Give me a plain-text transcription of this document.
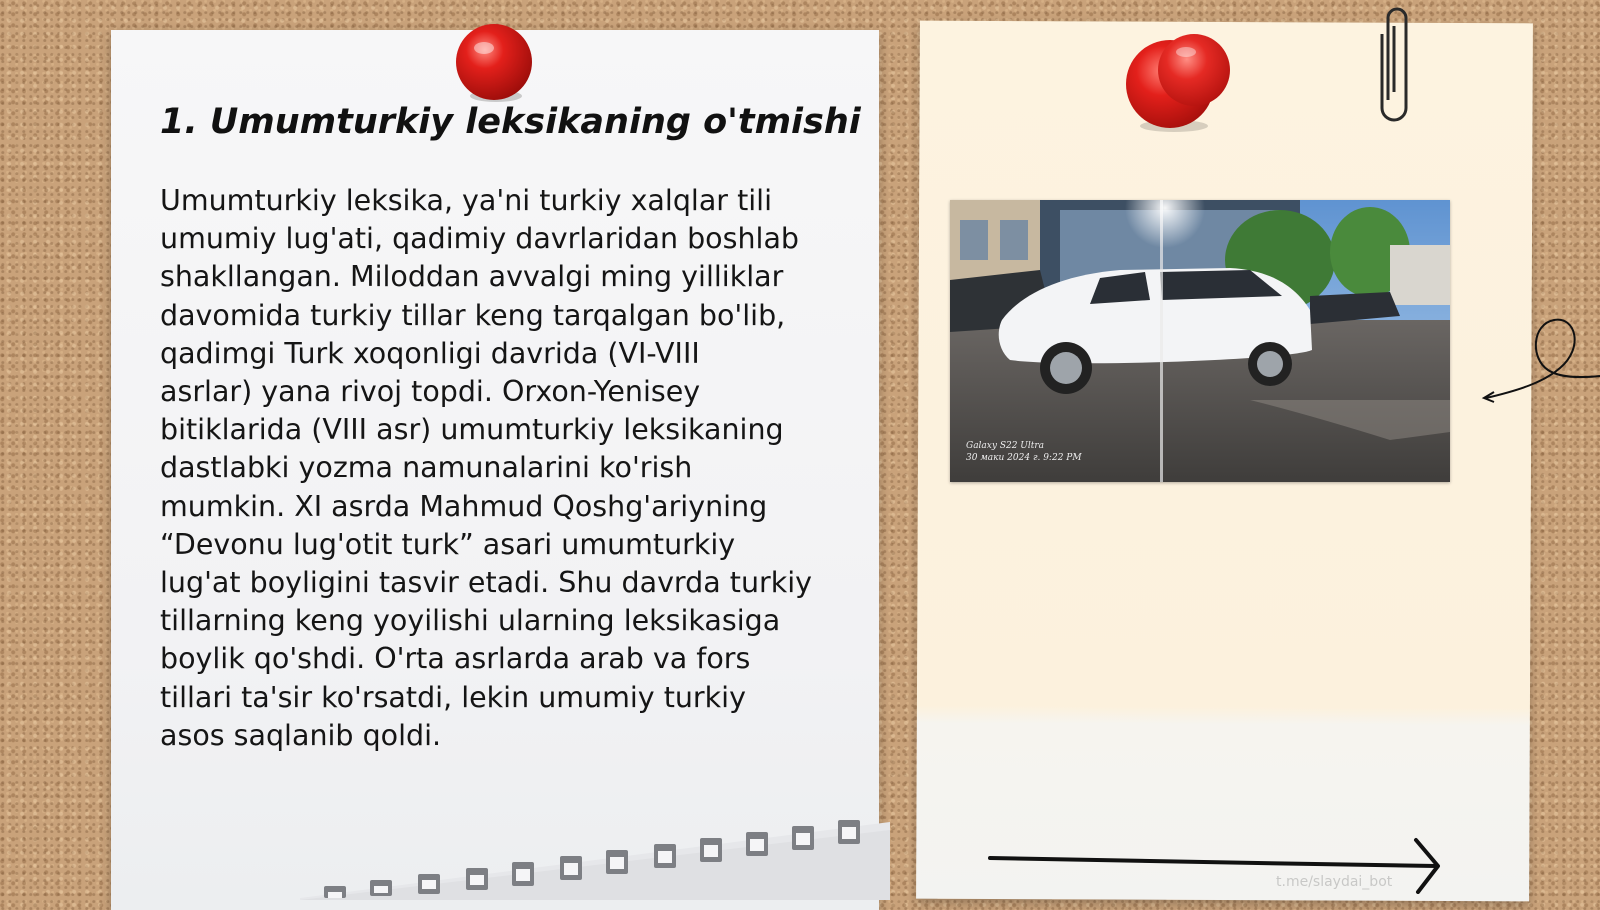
1. Umumturkiy leksikaning o'tmishi

Umumturkiy leksika, ya'ni turkiy xalqlar tili
umumiy lug'ati, qadimiy davrlaridan boshlab
shakllangan. Miloddan avvalgi ming yilliklar
davomida turkiy tillar keng tarqalgan bo'lib,
qadimgi Turk xoqonligi davrida (VI-VIII
asrlar) yana rivoj topdi. Orxon-Yenisey
bitiklarida (VIII asr) umumturkiy leksikaning
dastlabki yozma namunalarini ko'rish
mumkin. XI asrda Mahmud Qoshg'ariyning
“Devonu lug'otit turk” asari umumturkiy
lug'at boyligini tasvir etadi. Shu davrda turkiy
tillarning keng yoyilishi ularning leksikasiga
boylik qo'shdi. O'rta asrlarda arab va fors
tillari ta'sir ko'rsatdi, lekin umumiy turkiy
asos saqlanib qoldi.

Galaxy S22 Ultra
30 маки 2024 г. 9:22 PM
t.me/slaydai_bot
